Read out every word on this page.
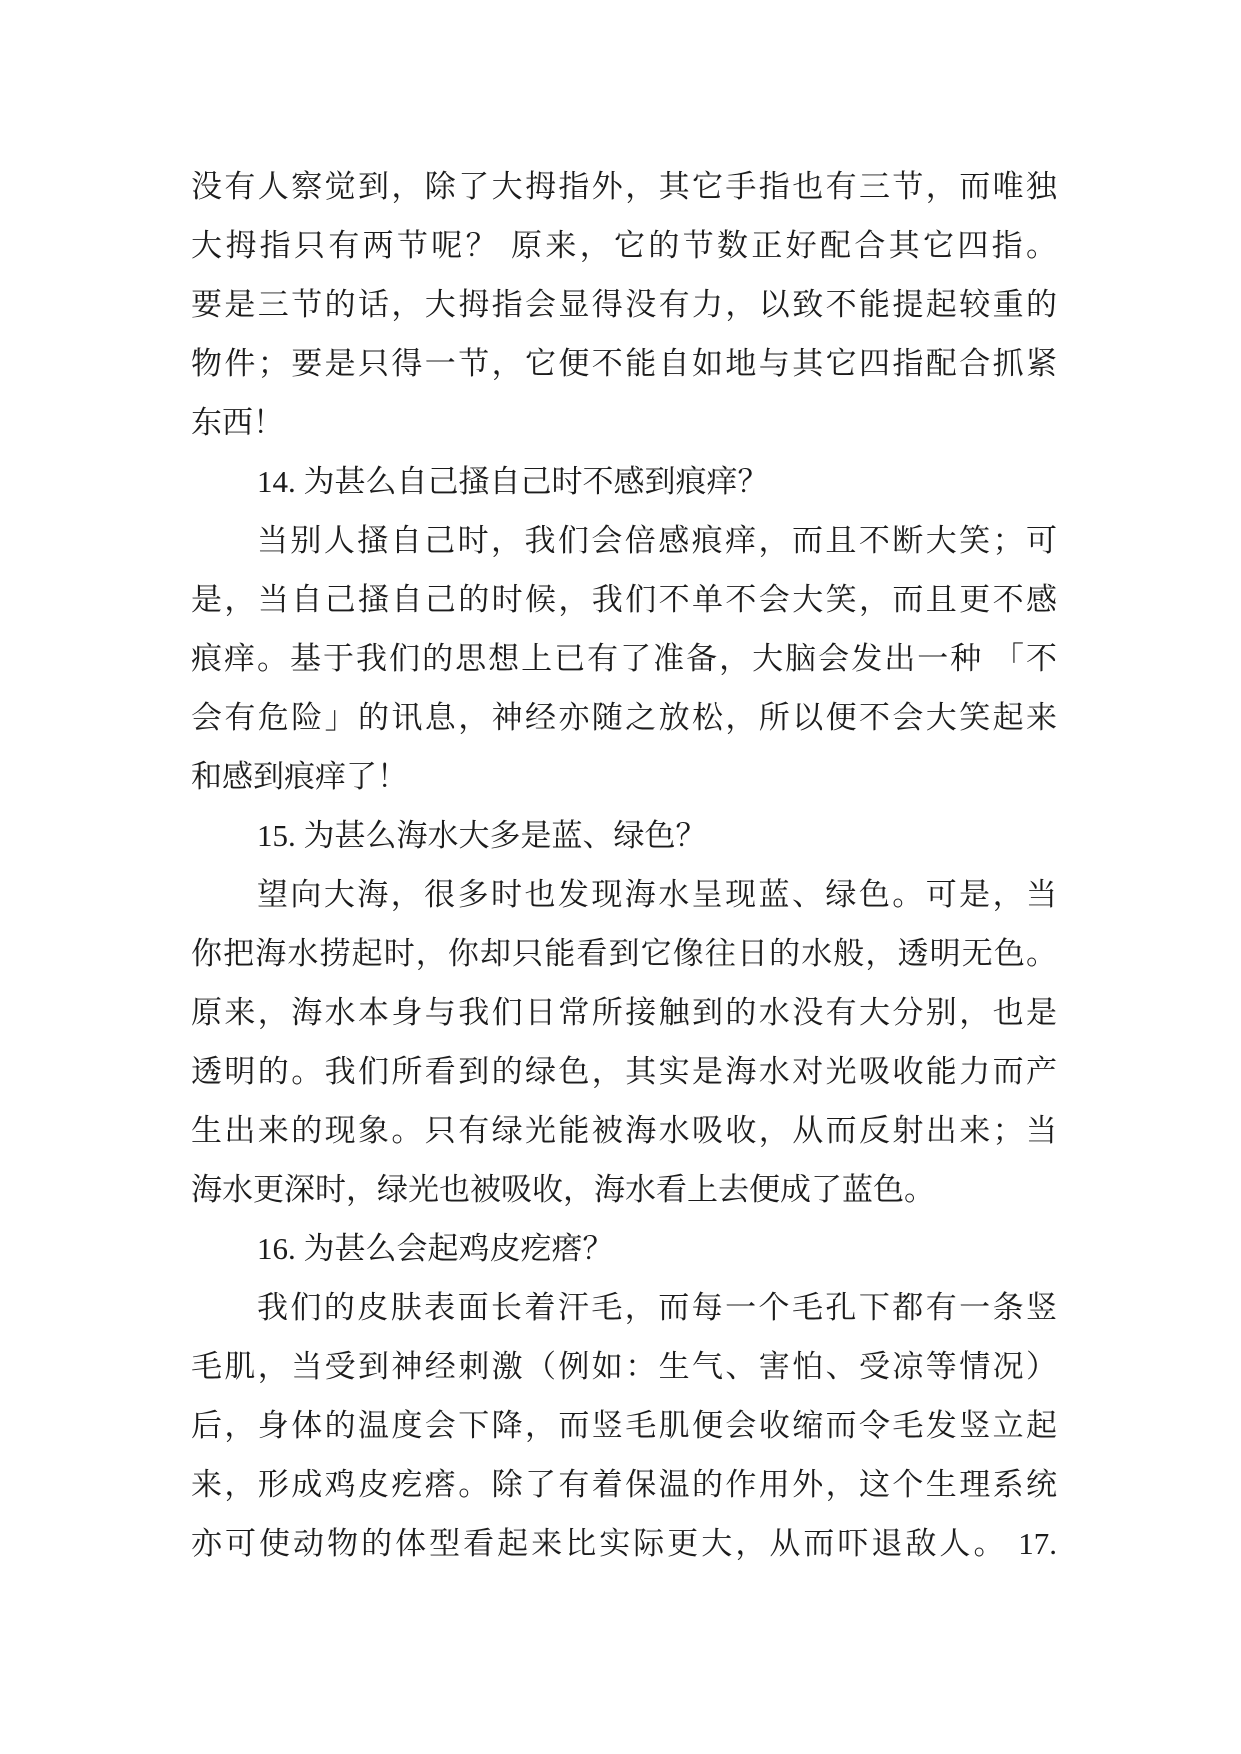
没有人察觉到，除了大拇指外，其它手指也有三节，而唯独
大拇指只有两节呢？ 原来，它的节数正好配合其它四指。
要是三节的话，大拇指会显得没有力，以致不能提起较重的
物件；要是只得一节，它便不能自如地与其它四指配合抓紧
东西！
14. 为甚么自己搔自己时不感到痕痒？
当别人搔自己时，我们会倍感痕痒，而且不断大笑；可
是，当自己搔自己的时候，我们不单不会大笑，而且更不感
痕痒。基于我们的思想上已有了准备，大脑会发出一种 「不
会有危险」的讯息，神经亦随之放松，所以便不会大笑起来
和感到痕痒了！
15. 为甚么海水大多是蓝、绿色？
望向大海，很多时也发现海水呈现蓝、绿色。可是，当
你把海水捞起时，你却只能看到它像往日的水般，透明无色。
原来，海水本身与我们日常所接触到的水没有大分别，也是
透明的。我们所看到的绿色，其实是海水对光吸收能力而产
生出来的现象。只有绿光能被海水吸收，从而反射出来；当
海水更深时，绿光也被吸收，海水看上去便成了蓝色。
16. 为甚么会起鸡皮疙瘩？
我们的皮肤表面长着汗毛，而每一个毛孔下都有一条竖
毛肌，当受到神经刺激（例如：生气、害怕、受凉等情况）
后，身体的温度会下降，而竖毛肌便会收缩而令毛发竖立起
来，形成鸡皮疙瘩。除了有着保温的作用外，这个生理系统
亦可使动物的体型看起来比实际更大，从而吓退敌人。 17.
